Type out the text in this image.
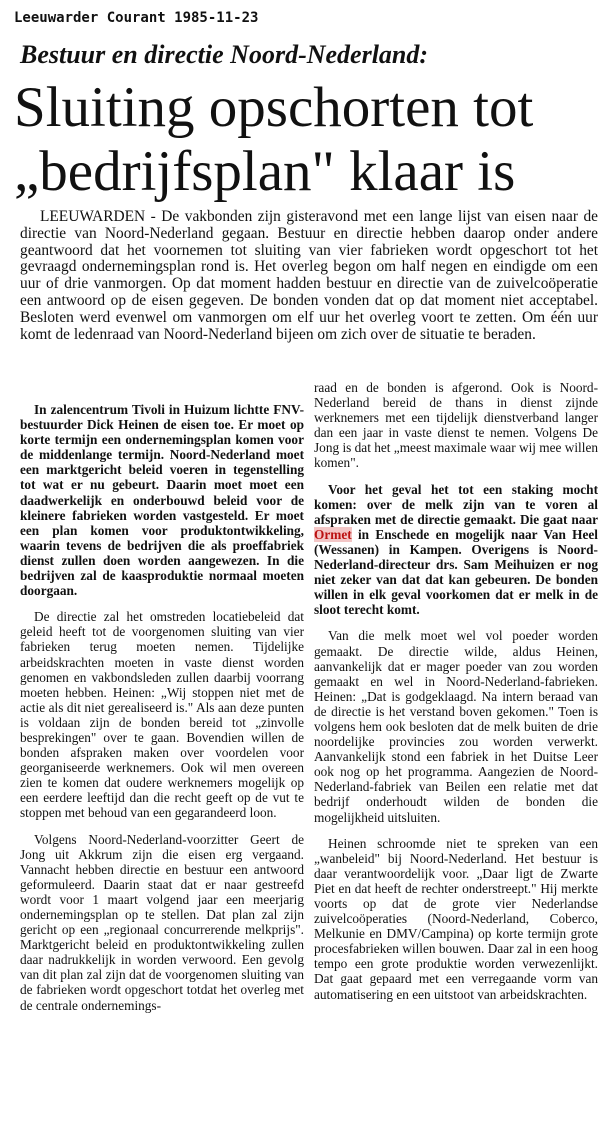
Leeuwarder Courant 1985-11-23
Bestuur en directie Noord-Nederland:
Sluiting opschorten tot
„bedrijfsplan" klaar is

LEEUWARDEN - De vakbonden zijn gisteravond met een lange lijst van eisen naar de directie van Noord-Nederland gegaan. Bestuur en directie hebben daarop onder andere geantwoord dat het voornemen tot sluiting van vier fabrieken wordt opgeschort tot het gevraagd ondernemingsplan rond is. Het overleg begon om half negen en eindigde om een uur of drie vanmorgen. Op dat moment hadden bestuur en directie van de zuivelcoöperatie een antwoord op de eisen gegeven. De bonden vonden dat op dat moment niet acceptabel. Besloten werd evenwel om vanmorgen om elf uur het overleg voort te zetten. Om één uur komt de ledenraad van Noord-Nederland bijeen om zich over de situatie te beraden.

In zalencentrum Tivoli in Huizum lichtte FNV-bestuurder Dick Heinen de eisen toe. Er moet op korte termijn een ondernemingsplan komen voor de middenlange termijn. Noord-Nederland moet een marktgericht beleid voeren in tegenstelling tot wat er nu gebeurt. Daarin moet moet een daadwerkelijk en onderbouwd beleid voor de kleinere fabrieken worden vastgesteld. Er moet een plan komen voor produktontwikkeling, waarin tevens de bedrijven die als proeffabriek dienst zullen doen worden aangewezen. In die bedrijven zal de kaasproduktie normaal moeten doorgaan.

De directie zal het omstreden locatiebeleid dat geleid heeft tot de voorgenomen sluiting van vier fabrieken terug moeten nemen. Tijdelijke arbeidskrachten moeten in vaste dienst worden genomen en vakbondsleden zullen daarbij voorrang moeten hebben. Heinen: „Wij stoppen niet met de actie als dit niet gerealiseerd is." Als aan deze punten is voldaan zijn de bonden bereid tot „zinvolle besprekingen" over te gaan. Bovendien willen de bonden afspraken maken over voordelen voor georganiseerde werknemers. Ook wil men overeen zien te komen dat oudere werknemers mogelijk op een eerdere leeftijd dan die recht geeft op de vut te stoppen met behoud van een gegarandeerd loon.

Volgens Noord-Nederland-voorzitter Geert de Jong uit Akkrum zijn die eisen erg vergaand. Vannacht hebben directie en bestuur een antwoord geformuleerd. Daarin staat dat er naar gestreefd wordt voor 1 maart volgend jaar een meerjarig ondernemingsplan op te stellen. Dat plan zal zijn gericht op een „regionaal concurrerende melkprijs". Marktgericht beleid en produktontwikkeling zullen daar nadrukkelijk in worden verwoord. Een gevolg van dit plan zal zijn dat de voorgenomen sluiting van de fabrieken wordt opgeschort totdat het overleg met de centrale ondernemings-

raad en de bonden is afgerond. Ook is Noord-Nederland bereid de thans in dienst zijnde werknemers met een tijdelijk dienstverband langer dan een jaar in vaste dienst te nemen. Volgens De Jong is dat het „meest maximale waar wij mee willen komen".

Voor het geval het tot een staking mocht komen: over de melk zijn van te voren al afspraken met de directie gemaakt. Die gaat naar Ormet in Enschede en mogelijk naar Van Heel (Wessanen) in Kampen. Overigens is Noord-Nederland-directeur drs. Sam Meihuizen er nog niet zeker van dat dat kan gebeuren. De bonden willen in elk geval voorkomen dat er melk in de sloot terecht komt.

Van die melk moet wel vol poeder worden gemaakt. De directie wilde, aldus Heinen, aanvankelijk dat er mager poeder van zou worden gemaakt en wel in Noord-Nederland-fabrieken. Heinen: „Dat is godgeklaagd. Na intern beraad van de directie is het verstand boven gekomen." Toen is volgens hem ook besloten dat de melk buiten de drie noordelijke provincies zou worden verwerkt. Aanvankelijk stond een fabriek in het Duitse Leer ook nog op het programma. Aangezien de Noord-Nederland-fabriek van Beilen een relatie met dat bedrijf onderhoudt wilden de bonden die mogelijkheid uitsluiten.

Heinen schroomde niet te spreken van een „wanbeleid" bij Noord-Nederland. Het bestuur is daar verantwoordelijk voor. „Daar ligt de Zwarte Piet en dat heeft de rechter onderstreept." Hij merkte voorts op dat de grote vier Nederlandse zuivelcoöperaties (Noord-Nederland, Coberco, Melkunie en DMV/Campina) op korte termijn grote procesfabrieken willen bouwen. Daar zal in een hoog tempo een grote produktie worden verwezenlijkt. Dat gaat gepaard met een verregaande vorm van automatisering en een uitstoot van arbeidskrachten.
